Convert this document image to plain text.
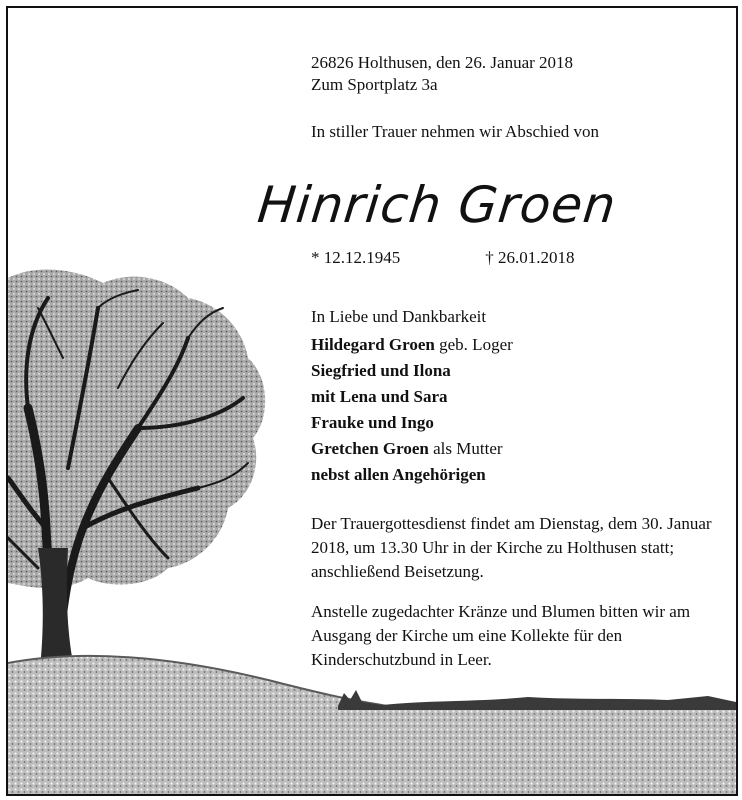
26826 Holthusen, den 26. Januar 2018
Zum Sportplatz 3a
In stiller Trauer nehmen wir Abschied von
Hinrich Groen
* 12.12.1945	† 26.01.2018
In Liebe und Dankbarkeit
Hildegard Groen geb. Loger
Siegfried und Ilona
mit Lena und Sara
Frauke und Ingo
Gretchen Groen als Mutter
nebst allen Angehörigen
Der Trauergottesdienst findet am Dienstag, dem 30. Januar 2018, um 13.30 Uhr in der Kirche zu Holthusen statt; anschließend Beisetzung.
Anstelle zugedachter Kränze und Blumen bitten wir am Ausgang der Kirche um eine Kollekte für den Kinderschutzbund in Leer.
